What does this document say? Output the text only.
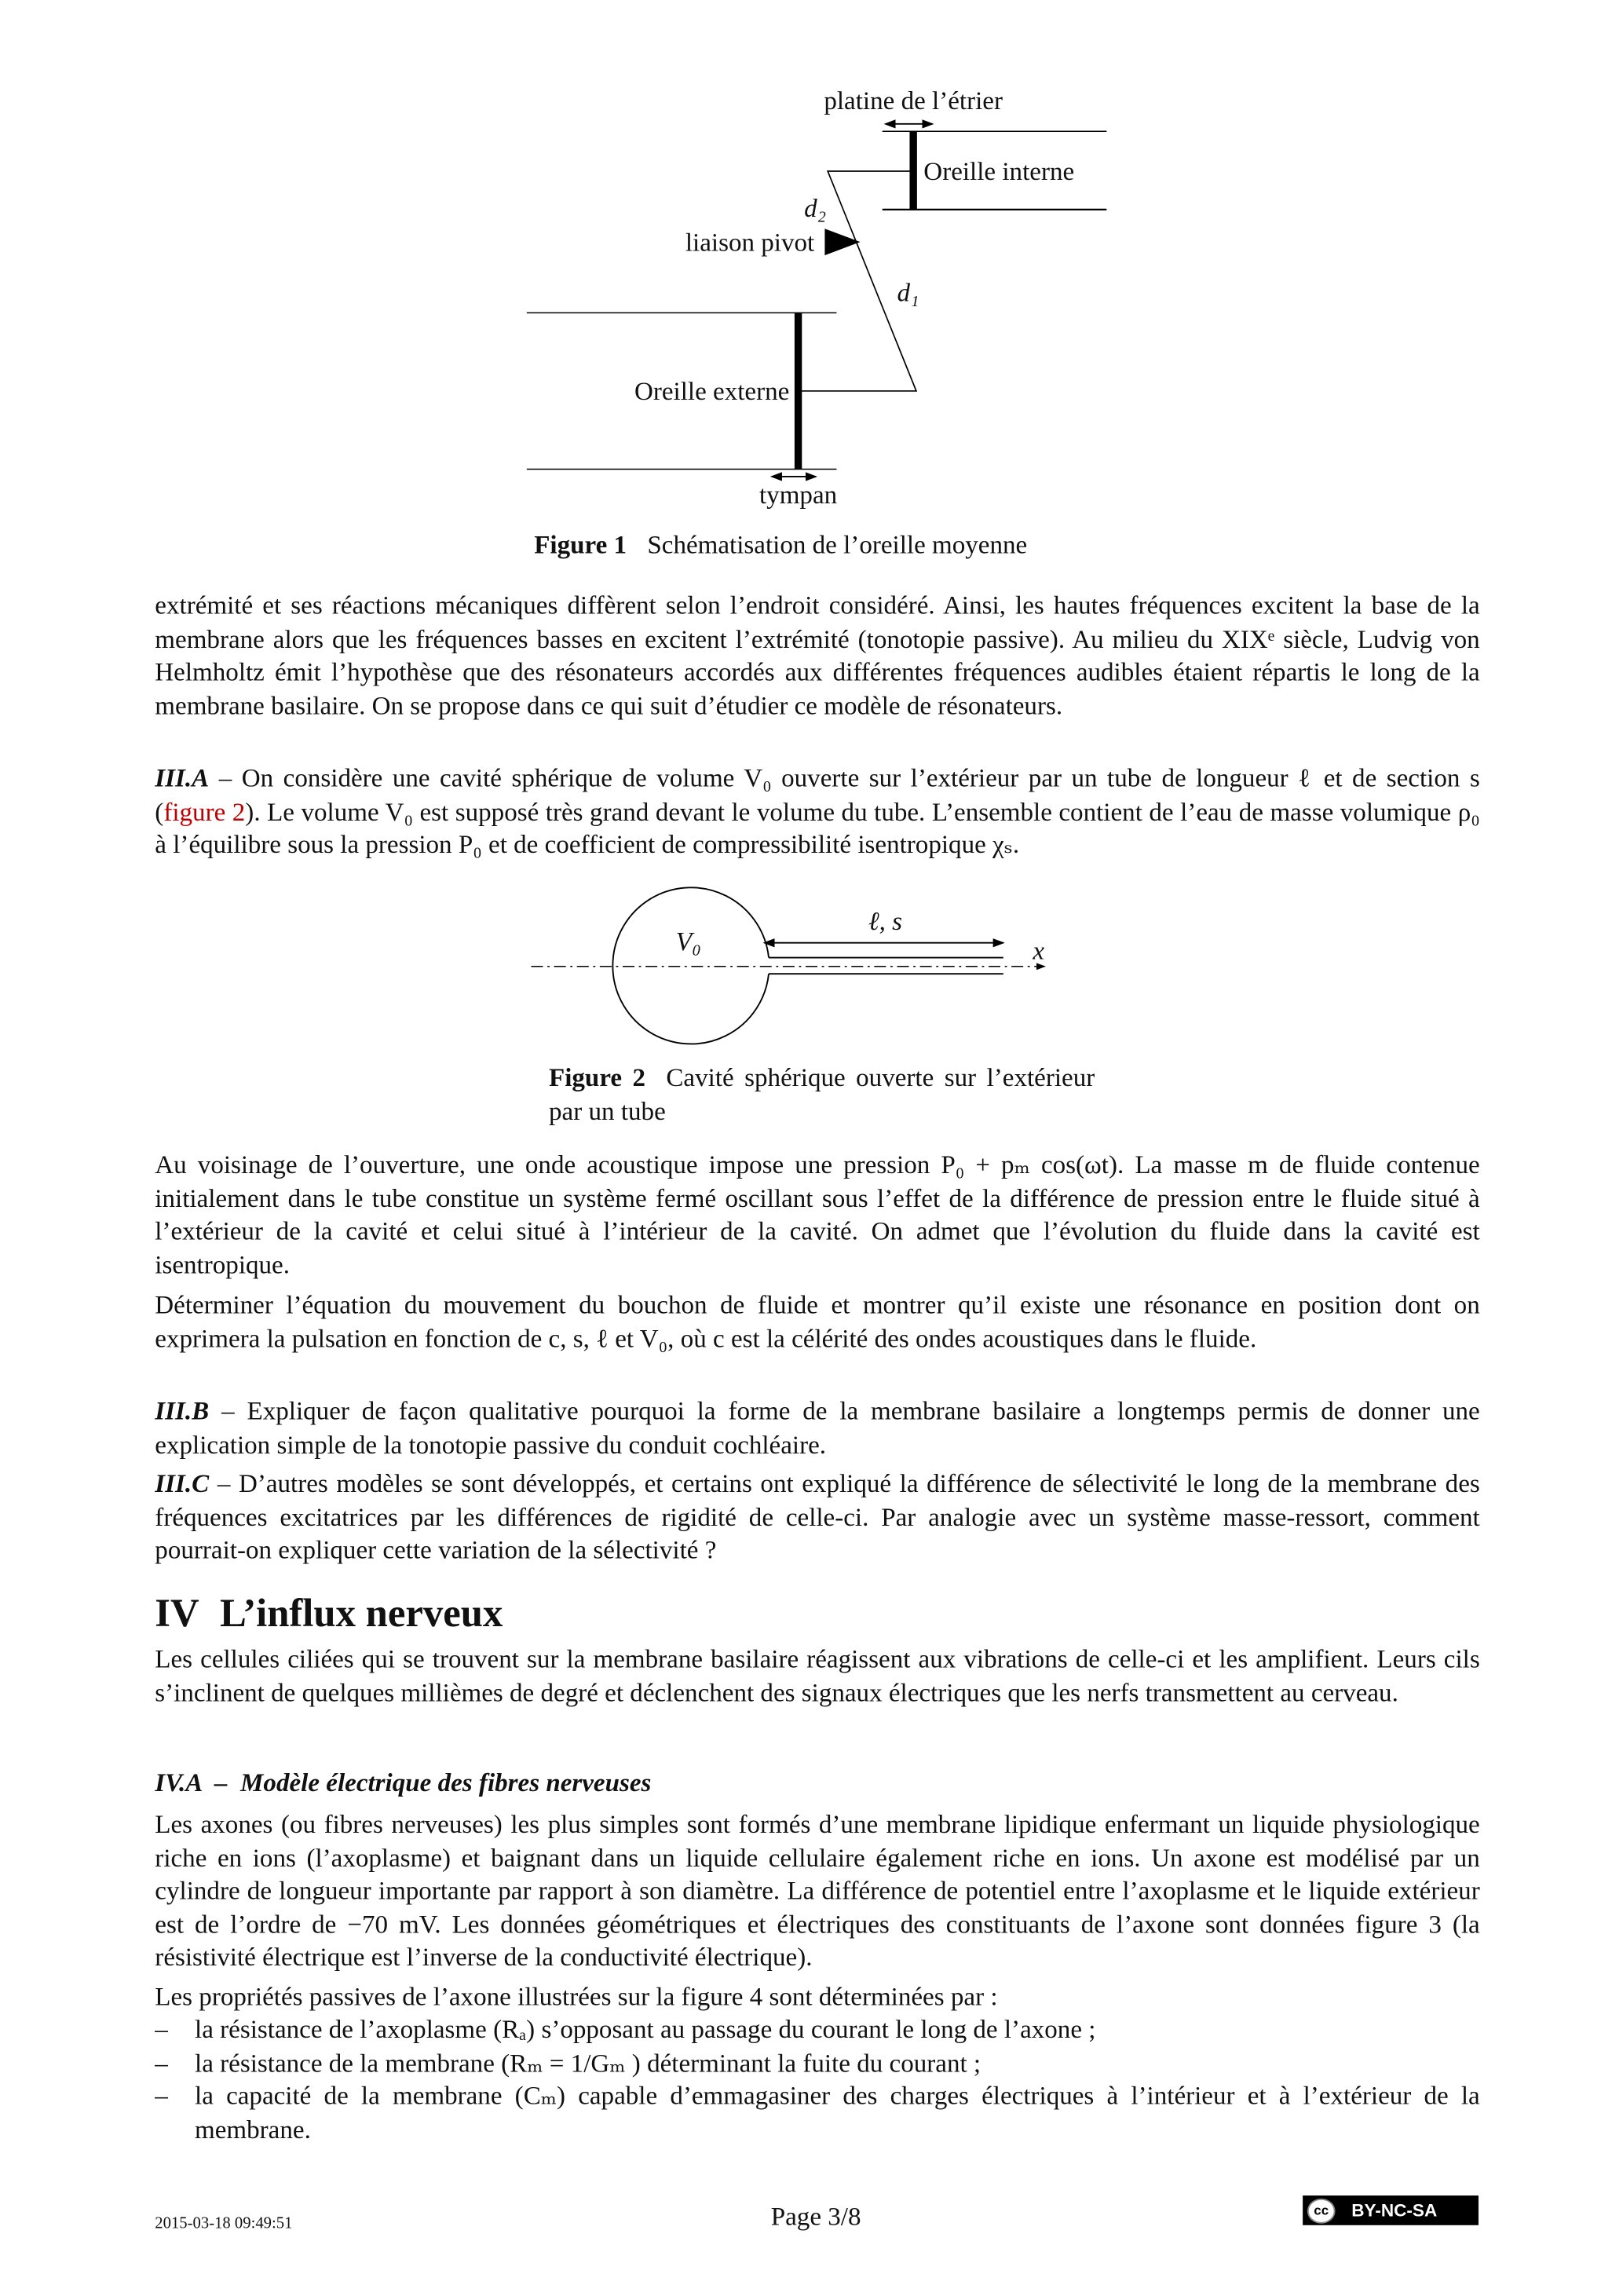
platine de l’étrier
Oreille interne
d₂
liaison pivot
d₁
Oreille externe
tympan
Figure 1 Schématisation de l’oreille moyenne
extrémité et ses réactions mécaniques diffèrent selon l’endroit considéré. Ainsi, les hautes fréquences excitent la base de la membrane alors que les fréquences basses en excitent l’extrémité (tonotopie passive). Au milieu du XIXᵉ siècle, Ludvig von Helmholtz émit l’hypothèse que des résonateurs accordés aux différentes fréquences audibles étaient répartis le long de la membrane basilaire. On se propose dans ce qui suit d’étudier ce modèle de résonateurs.
III.A – On considère une cavité sphérique de volume V₀ ouverte sur l’extérieur par un tube de longueur ℓ et de section s (figure 2). Le volume V₀ est supposé très grand devant le volume du tube. L’ensemble contient de l’eau de masse volumique ρ₀ à l’équilibre sous la pression P₀ et de coefficient de compressibilité isentropique χₛ.
V₀
ℓ, s
x
Figure 2 Cavité sphérique ouverte sur l’extérieur par un tube
Au voisinage de l’ouverture, une onde acoustique impose une pression P₀ + pₘ cos(ωt). La masse m de fluide contenue initialement dans le tube constitue un système fermé oscillant sous l’effet de la différence de pression entre le fluide situé à l’extérieur de la cavité et celui situé à l’intérieur de la cavité. On admet que l’évolution du fluide dans la cavité est isentropique.
Déterminer l’équation du mouvement du bouchon de fluide et montrer qu’il existe une résonance en position dont on exprimera la pulsation en fonction de c, s, ℓ et V₀, où c est la célérité des ondes acoustiques dans le fluide.
III.B – Expliquer de façon qualitative pourquoi la forme de la membrane basilaire a longtemps permis de donner une explication simple de la tonotopie passive du conduit cochléaire.
III.C – D’autres modèles se sont développés, et certains ont expliqué la différence de sélectivité le long de la membrane des fréquences excitatrices par les différences de rigidité de celle-ci. Par analogie avec un système masse-ressort, comment pourrait-on expliquer cette variation de la sélectivité ?
IV L’influx nerveux
Les cellules ciliées qui se trouvent sur la membrane basilaire réagissent aux vibrations de celle-ci et les amplifient. Leurs cils s’inclinent de quelques millièmes de degré et déclenchent des signaux électriques que les nerfs transmettent au cerveau.
IV.A  –  Modèle électrique des fibres nerveuses
Les axones (ou fibres nerveuses) les plus simples sont formés d’une membrane lipidique enfermant un liquide physiologique riche en ions (l’axoplasme) et baignant dans un liquide cellulaire également riche en ions. Un axone est modélisé par un cylindre de longueur importante par rapport à son diamètre. La différence de potentiel entre l’axoplasme et le liquide extérieur est de l’ordre de −70 mV. Les données géométriques et électriques des constituants de l’axone sont données figure 3 (la résistivité électrique est l’inverse de la conductivité électrique).
Les propriétés passives de l’axone illustrées sur la figure 4 sont déterminées par :
– la résistance de l’axoplasme (Rₐ) s’opposant au passage du courant le long de l’axone ;
– la résistance de la membrane (Rₘ = 1/Gₘ ) déterminant la fuite du courant ;
– la capacité de la membrane (Cₘ) capable d’emmagasiner des charges électriques à l’intérieur et à l’extérieur de la membrane.
2015-03-18 09:49:51	Page 3/8	cc	BY-NC-SA
